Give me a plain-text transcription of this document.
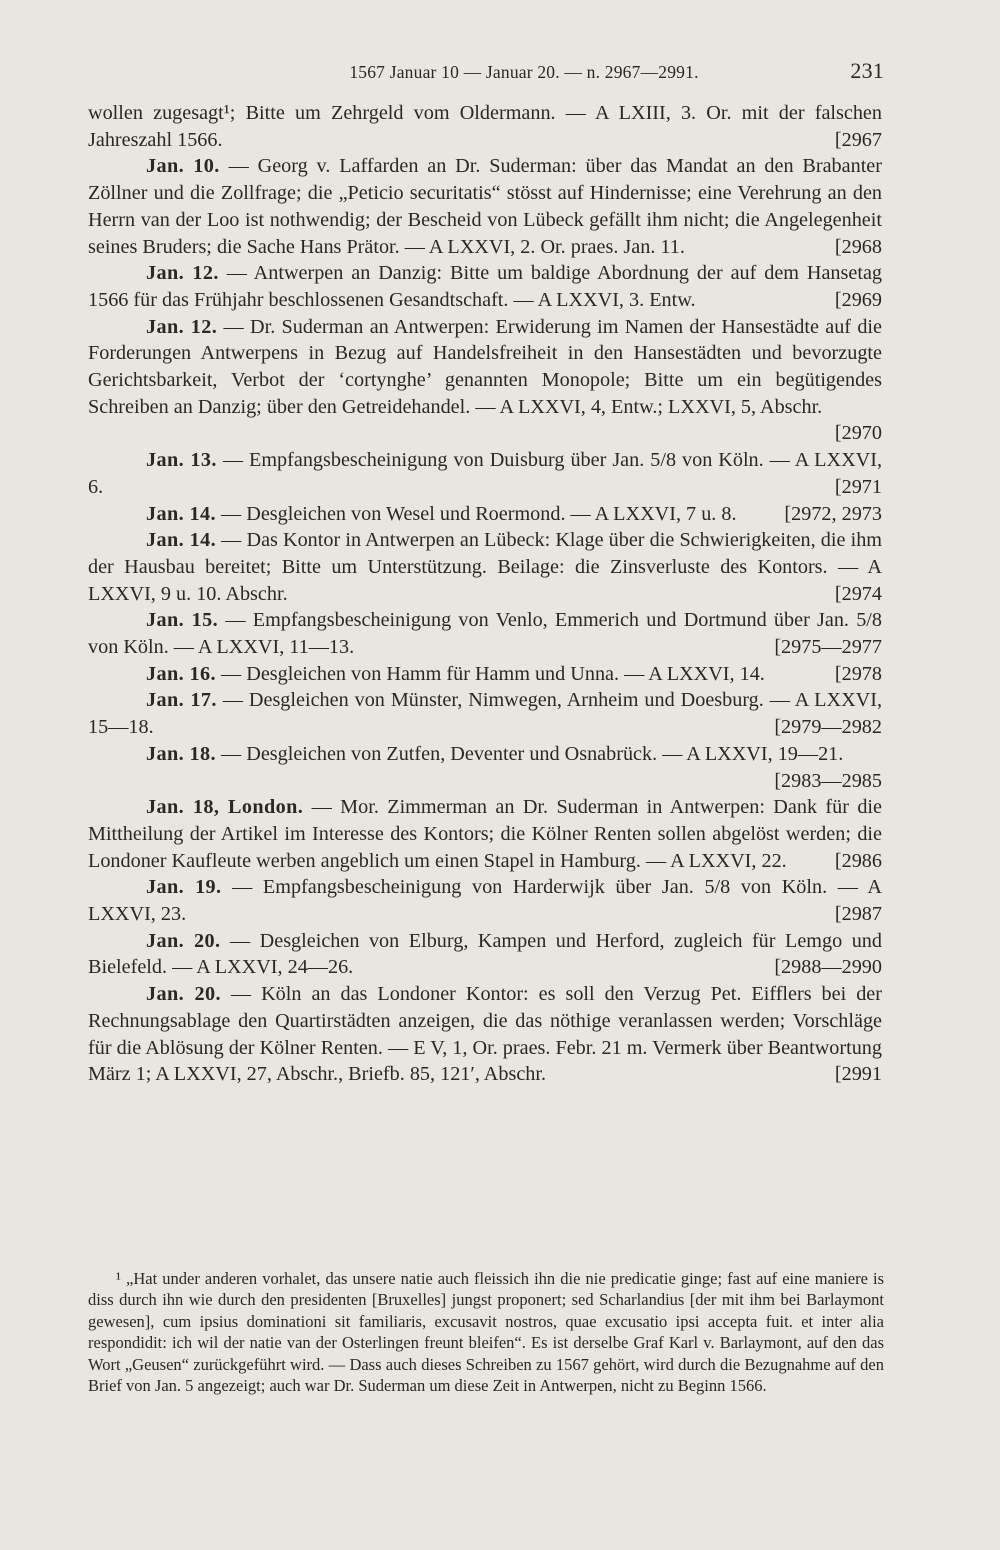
1567 Januar 10 — Januar 20. — n. 2967—2991.	231

wollen zugesagt¹; Bitte um Zehrgeld vom Oldermann. — A LXIII, 3. Or. mit der falschen Jahreszahl 1566.	[2967

Jan. 10. — Georg v. Laffarden an Dr. Suderman: über das Mandat an den Brabanter Zöllner und die Zollfrage; die „Peticio securitatis“ stösst auf Hindernisse; eine Verehrung an den Herrn van der Loo ist nothwendig; der Bescheid von Lübeck gefällt ihm nicht; die Angelegenheit seines Bruders; die Sache Hans Prätor. — A LXXVI, 2. Or. praes. Jan. 11.	[2968

Jan. 12. — Antwerpen an Danzig: Bitte um baldige Abordnung der auf dem Hansetag 1566 für das Frühjahr beschlossenen Gesandtschaft. — A LXXVI, 3. Entw.	[2969

Jan. 12. — Dr. Suderman an Antwerpen: Erwiderung im Namen der Hansestädte auf die Forderungen Antwerpens in Bezug auf Handelsfreiheit in den Hansestädten und bevorzugte Gerichtsbarkeit, Verbot der ‘cortynghe’ genannten Monopole; Bitte um ein begütigendes Schreiben an Danzig; über den Getreidehandel. — A LXXVI, 4, Entw.; LXXVI, 5, Abschr.

[2970

Jan. 13. — Empfangsbescheinigung von Duisburg über Jan. 5/8 von Köln. — A LXXVI, 6.	[2971

Jan. 14. — Desgleichen von Wesel und Roermond. — A LXXVI, 7 u. 8.	[2972, 2973

Jan. 14. — Das Kontor in Antwerpen an Lübeck: Klage über die Schwierigkeiten, die ihm der Hausbau bereitet; Bitte um Unterstützung. Beilage: die Zinsverluste des Kontors. — A LXXVI, 9 u. 10. Abschr.	[2974

Jan. 15. — Empfangsbescheinigung von Venlo, Emmerich und Dortmund über Jan. 5/8 von Köln. — A LXXVI, 11—13.	[2975—2977

Jan. 16. — Desgleichen von Hamm für Hamm und Unna. — A LXXVI, 14.	[2978

Jan. 17. — Desgleichen von Münster, Nimwegen, Arnheim und Doesburg. — A LXXVI, 15—18.	[2979—2982

Jan. 18. — Desgleichen von Zutfen, Deventer und Osnabrück. — A LXXVI, 19—21.

[2983—2985

Jan. 18, London. — Mor. Zimmerman an Dr. Suderman in Antwerpen: Dank für die Mittheilung der Artikel im Interesse des Kontors; die Kölner Renten sollen abgelöst werden; die Londoner Kaufleute werben angeblich um einen Stapel in Hamburg. — A LXXVI, 22.	[2986

Jan. 19. — Empfangsbescheinigung von Harderwijk über Jan. 5/8 von Köln. — A LXXVI, 23.	[2987

Jan. 20. — Desgleichen von Elburg, Kampen und Herford, zugleich für Lemgo und Bielefeld. — A LXXVI, 24—26.	[2988—2990

Jan. 20. — Köln an das Londoner Kontor: es soll den Verzug Pet. Eifflers bei der Rechnungsablage den Quartirstädten anzeigen, die das nöthige veranlassen werden; Vorschläge für die Ablösung der Kölner Renten. — E V, 1, Or. praes. Febr. 21 m. Vermerk über Beantwortung März 1; A LXXVI, 27, Abschr., Briefb. 85, 121′, Abschr.	[2991

¹ „Hat under anderen vorhalet, das unsere natie auch fleissich ihn die nie predicatie ginge; fast auf eine maniere is diss durch ihn wie durch den presidenten [Bruxelles] jungst proponert; sed Scharlandius [der mit ihm bei Barlaymont gewesen], cum ipsius dominationi sit familiaris, excusavit nostros, quae excusatio ipsi accepta fuit. et inter alia respondidit: ich wil der natie van der Osterlingen freunt bleifen“. Es ist derselbe Graf Karl v. Barlaymont, auf den das Wort „Geusen“ zurückgeführt wird. — Dass auch dieses Schreiben zu 1567 gehört, wird durch die Bezugnahme auf den Brief von Jan. 5 angezeigt; auch war Dr. Suderman um diese Zeit in Antwerpen, nicht zu Beginn 1566.
